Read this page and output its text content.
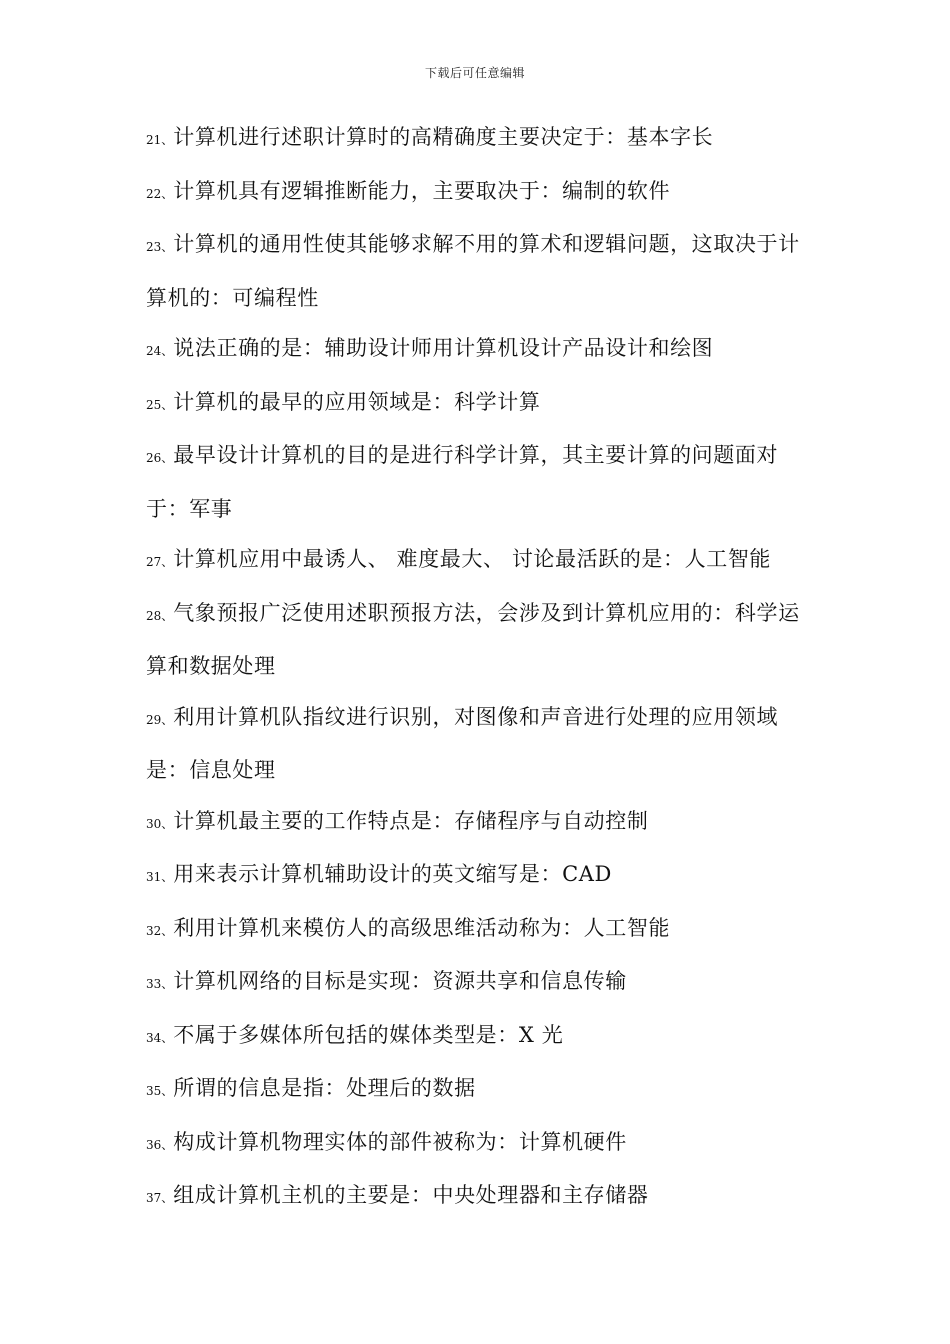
下载后可任意编辑
21、计算机进行述职计算时的高精确度主要决定于：基本字长
22、计算机具有逻辑推断能力，主要取决于：编制的软件
23、计算机的通用性使其能够求解不用的算术和逻辑问题，这取决于计算机的：可编程性
24、说法正确的是：辅助设计师用计算机设计产品设计和绘图
25、计算机的最早的应用领域是：科学计算
26、最早设计计算机的目的是进行科学计算，其主要计算的问题面对于：军事
27、计算机应用中最诱人、 难度最大、 讨论最活跃的是：人工智能
28、气象预报广泛使用述职预报方法，会涉及到计算机应用的：科学运算和数据处理
29、利用计算机队指纹进行识别，对图像和声音进行处理的应用领域是：信息处理
30、计算机最主要的工作特点是：存储程序与自动控制
31、用来表示计算机辅助设计的英文缩写是：CAD
32、利用计算机来模仿人的高级思维活动称为：人工智能
33、计算机网络的目标是实现：资源共享和信息传输
34、不属于多媒体所包括的媒体类型是：X 光
35、所谓的信息是指：处理后的数据
36、构成计算机物理实体的部件被称为：计算机硬件
37、组成计算机主机的主要是：中央处理器和主存储器
